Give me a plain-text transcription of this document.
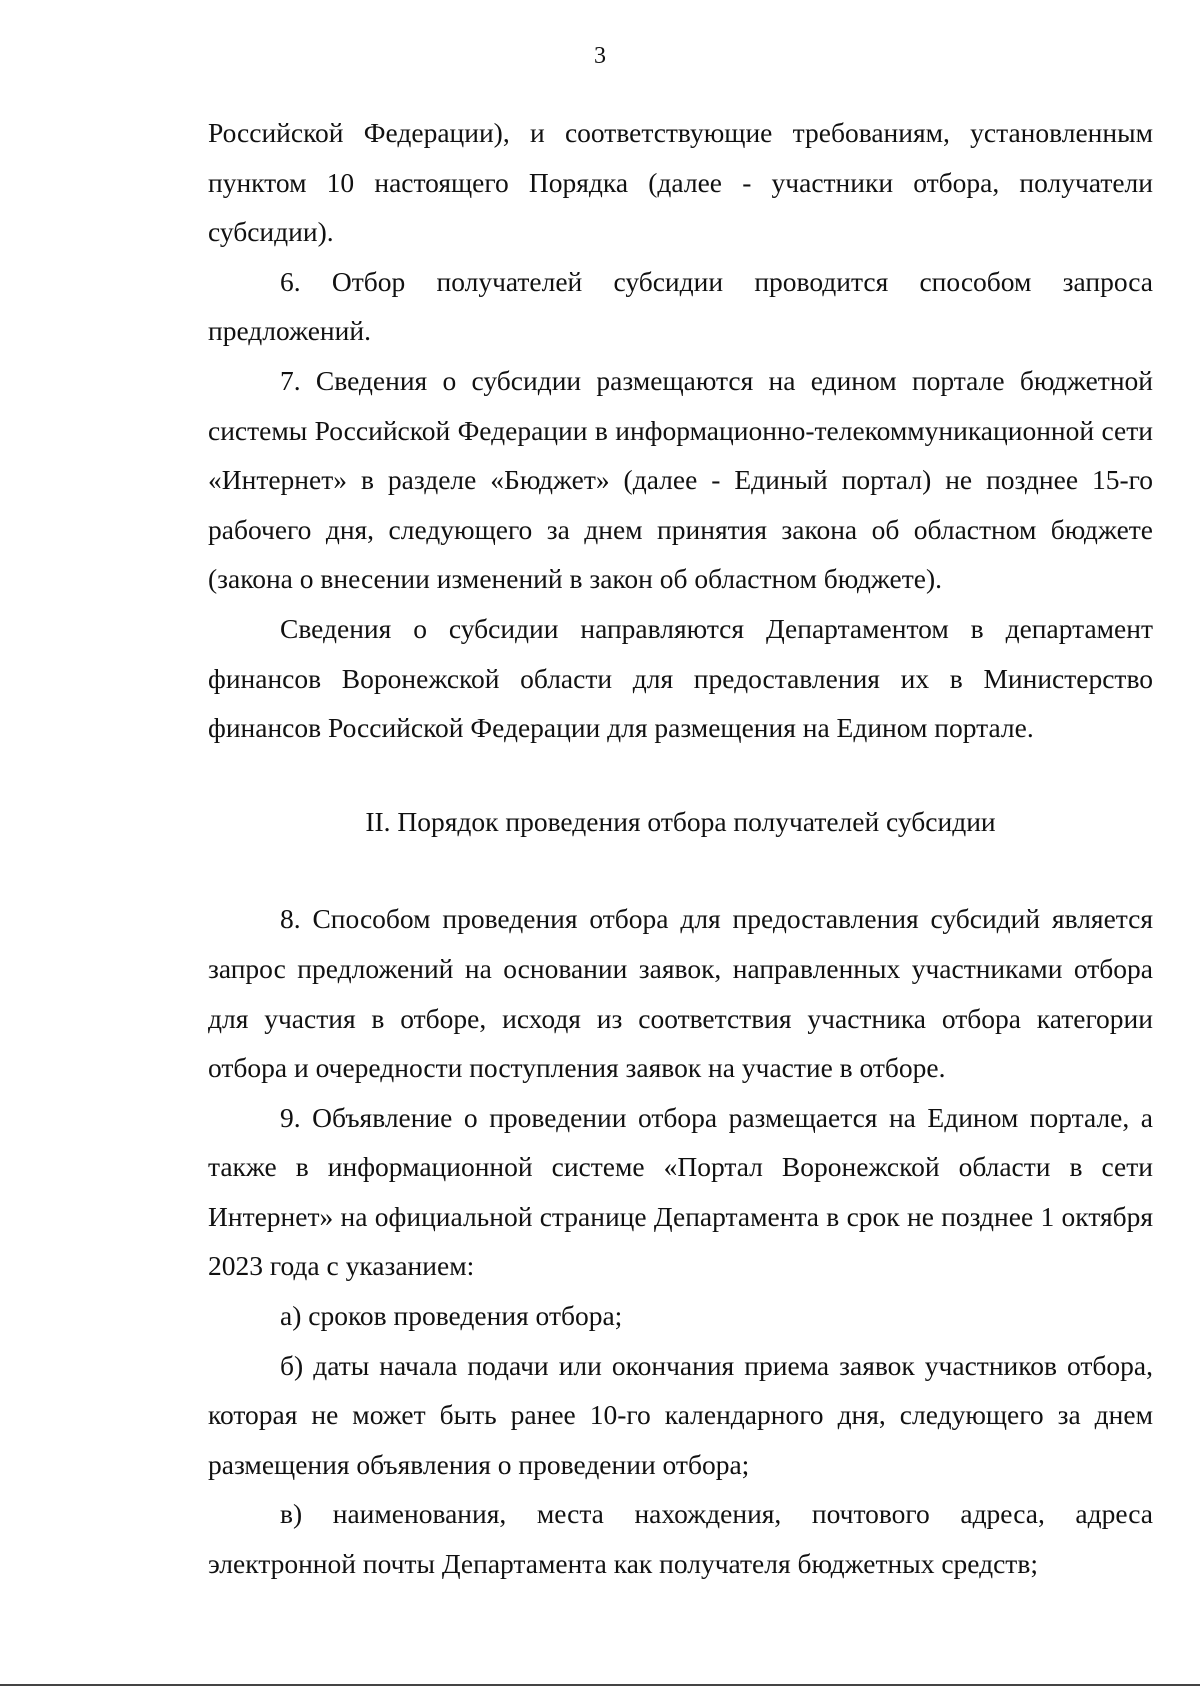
3

Российской Федерации), и соответствующие требованиям, установленным пунктом 10 настоящего Порядка (далее - участники отбора, получатели субсидии).

6. Отбор получателей субсидии проводится способом запроса предложений.

7. Сведения о субсидии размещаются на едином портале бюджетной системы Российской Федерации в информационно-телекоммуникационной сети «Интернет» в разделе «Бюджет» (далее - Единый портал) не позднее 15-го рабочего дня, следующего за днем принятия закона об областном бюджете (закона о внесении изменений в закон об областном бюджете).

Сведения о субсидии направляются Департаментом в департамент финансов Воронежской области для предоставления их в Министерство финансов Российской Федерации для размещения на Едином портале.

II. Порядок проведения отбора получателей субсидии

8. Способом проведения отбора для предоставления субсидий является запрос предложений на основании заявок, направленных участниками отбора для участия в отборе, исходя из соответствия участника отбора категории отбора и очередности поступления заявок на участие в отборе.

9. Объявление о проведении отбора размещается на Едином портале, а также в информационной системе «Портал Воронежской области в сети Интернет» на официальной странице Департамента в срок не позднее 1 октября 2023 года с указанием:

а) сроков проведения отбора;

б) даты начала подачи или окончания приема заявок участников отбора, которая не может быть ранее 10-го календарного дня, следующего за днем размещения объявления о проведении отбора;

в) наименования, места нахождения, почтового адреса, адреса электронной почты Департамента как получателя бюджетных средств;
